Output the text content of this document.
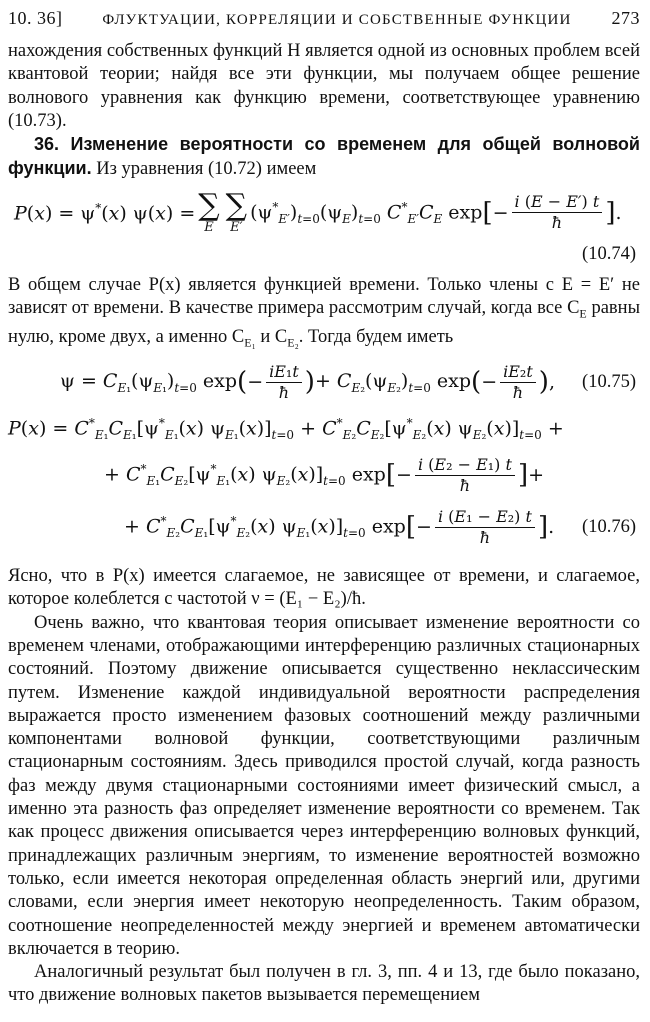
10. 36]	ФЛУКТУАЦИИ, КОРРЕЛЯЦИИ И СОБСТВЕННЫЕ ФУНКЦИИ 273

нахождения собственных функций H является одной из основных проблем всей квантовой теории; найдя все эти функции, мы получаем общее решение волнового уравнения как функцию времени, соответствующее уравнению (10.73).

36. Изменение вероятности со временем для общей волновой функции. Из уравнения (10.72) имеем

P(x) = ψ*(x) ψ(x) = ∑
E
∑
E′
$(\psi^*_{E'})_{t=0}(\psi_E)_{t=0}$ $C^*_{E'}C_E$ exp [ − $\frac{i (E - E') t}{ħ}$ ] .
(10.74)

В общем случае P(x) является функцией времени. Только члены с E = E′ не зависят от времени. В качестве примера рассмотрим случай, когда все $C_E$ равны нулю, кроме двух, а именно $C_{E_1}$ и $C_{E_2}$. Тогда будем иметь

$\psi = C_{E_1}(\psi_{E_1})_{t=0}$ exp ( − $\frac{\text{iE₁t}}{ħ}$ ) + $C_{E_2}(\psi_{E_2})_{t=0}$ exp ( − $\frac{\text{iE₂t}}{ħ}$ ) , (10.75)
$P(x) = C^*_{E_1}C_{E_1}[\psi^*_{E_1}(x) \psi_{E_1}(x)]_{t=0} + C^*_{E_2}C_{E_2}[\psi^*_{E_2}(x) \psi_{E_2}(x)]_{t=0}$ +
+ $C^*_{E_1}C_{E_2}[\psi^*_{E_1}(x)$ $\psi_{E_2}(x)]_{t=0}$ exp [ − $\frac{\text{i (E₂ − E₁) t}}{ħ}$ ] +
+ $C^*_{E_2}C_{E_1}[\psi^*_{E_2}(x)$ $\psi_{E_1}(x)]_{t=0}$ exp [ − $\frac{\text{i (E₁ − E₂) t}}{ħ}$ ] . (10.76)

Ясно, что в P(x) имеется слагаемое, не зависящее от времени, и слагаемое, которое колеблется с частотой ν = (E₁ − E₂)/ħ.

Очень важно, что квантовая теория описывает изменение вероятности со временем членами, отображающими интерференцию различных стационарных состояний. Поэтому движение описывается существенно неклассическим путем. Изменение каждой индивидуальной вероятности распределения выражается просто изменением фазовых соотношений между различными компонентами волновой функции, соответствующими различным стационарным состояниям. Здесь приводился простой случай, когда разность фаз между двумя стационарными состояниями имеет физический смысл, а именно эта разность фаз определяет изменение вероятности со временем. Так как процесс движения описывается через интерференцию волновых функций, принадлежащих различным энергиям, то изменение вероятностей возможно только, если имеется некоторая определенная область энергий или, другими словами, если энергия имеет некоторую неопределенность. Таким образом, соотношение неопределенностей между энергией и временем автоматически включается в теорию.

Аналогичный результат был получен в гл. 3, пп. 4 и 13, где было показано, что движение волновых пакетов вызывается перемещением
